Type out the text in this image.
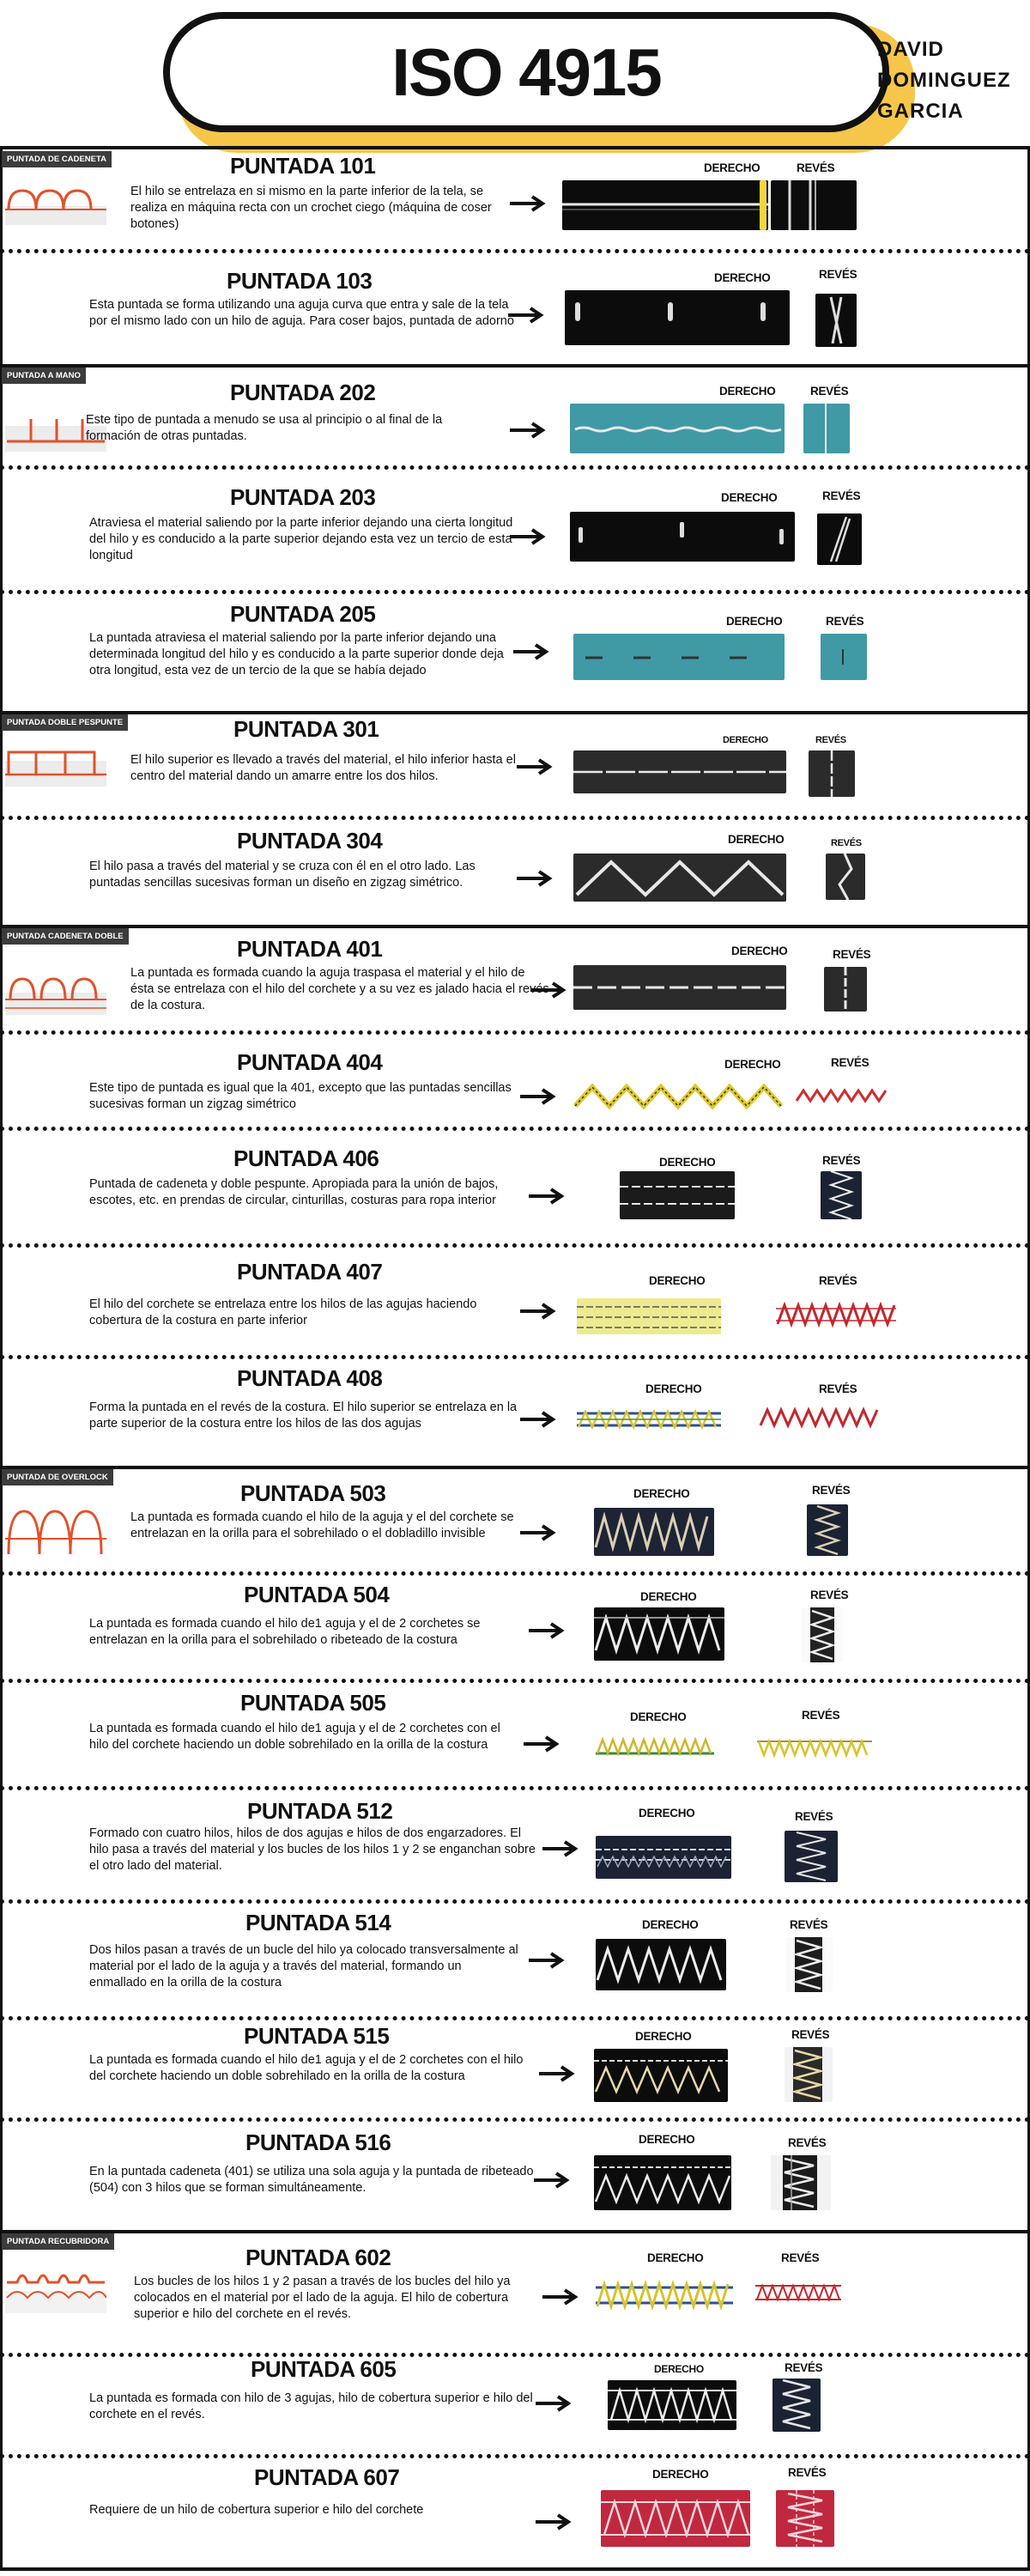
ISO 4915	DAVID
DOMINGUEZ
GARCIA
PUNTADA DE CADENETA
PUNTADA A MANO
PUNTADA DOBLE PESPUNTE
PUNTADA CADENETA DOBLE
PUNTADA DE OVERLOCK
PUNTADA RECUBRIDORA
PUNTADA 101
El hilo se entrelaza en si mismo en la parte inferior de la tela, se realiza en máquina recta con un crochet ciego (máquina de coser botones)
DERECHO	REVÉS
PUNTADA 103
Esta puntada se forma utilizando una aguja curva que entra y sale de la tela por el mismo lado con un hilo de aguja. Para coser bajos, puntada de adorno
DERECHO	REVÉS
PUNTADA 202
Este tipo de puntada a menudo se usa al principio o al final de la formación de otras puntadas.
DERECHO	REVÉS
PUNTADA 203
Atraviesa el material saliendo por la parte inferior dejando una cierta longitud del hilo y es conducido a la parte superior dejando esta vez un tercio de esta longitud
DERECHO	REVÉS
PUNTADA 205
La puntada atraviesa el material saliendo por la parte inferior dejando una determinada longitud del hilo y es conducido a la parte superior donde deja otra longitud, esta vez de un tercio de la que se había dejado
DERECHO	REVÉS
PUNTADA 301
El hilo superior es llevado a través del material, el hilo inferior hasta el centro del material dando un amarre entre los dos hilos.
DERECHO	REVÉS
PUNTADA 304
El hilo pasa a través del material y se cruza con él en el otro lado. Las puntadas sencillas sucesivas forman un diseño en zigzag simétrico.
DERECHO	REVÉS
PUNTADA 401
La puntada es formada cuando la aguja traspasa el material y el hilo de ésta se entrelaza con el hilo del corchete y a su vez es jalado hacia el revés de la costura.
DERECHO	REVÉS
PUNTADA 404
Este tipo de puntada es igual que la 401, excepto que las puntadas sencillas sucesivas forman un zigzag simétrico
DERECHO	REVÉS
PUNTADA 406
Puntada de cadeneta y doble pespunte. Apropiada para la unión de bajos, escotes, etc. en prendas de circular, cinturillas, costuras para ropa interior
DERECHO	REVÉS
PUNTADA 407
El hilo del corchete se entrelaza entre los hilos de las agujas haciendo cobertura de la costura en parte inferior
DERECHO	REVÉS
PUNTADA 408
Forma la puntada en el revés de la costura. El hilo superior se entrelaza en la parte superior de la costura entre los hilos de las dos agujas
DERECHO	REVÉS
PUNTADA 503
La puntada es formada cuando el hilo de la aguja y el del corchete se entrelazan en la orilla para el sobrehilado o el dobladillo invisible
DERECHO	REVÉS
PUNTADA 504
La puntada es formada cuando el hilo de1 aguja y el de 2 corchetes se entrelazan en la orilla para el sobrehilado o ribeteado de la costura
DERECHO	REVÉS
PUNTADA 505
La puntada es formada cuando el hilo de1 aguja y el de 2 corchetes con el hilo del corchete haciendo un doble sobrehilado en la orilla de la costura
DERECHO	REVÉS
PUNTADA 512
Formado con cuatro hilos, hilos de dos agujas e hilos de dos engarzadores. El hilo pasa a través del material y los bucles de los hilos 1 y 2 se enganchan sobre el otro lado del material.
DERECHO	REVÉS
PUNTADA 514
Dos hilos pasan a través de un bucle del hilo ya colocado transversalmente al material por el lado de la aguja y a través del material, formando un enmallado en la orilla de la costura
DERECHO	REVÉS
PUNTADA 515
La puntada es formada cuando el hilo de1 aguja y el de 2 corchetes con el hilo del corchete haciendo un doble sobrehilado en la orilla de la costura
DERECHO	REVÉS
PUNTADA 516
En la puntada cadeneta (401) se utiliza una sola aguja y la puntada de ribeteado (504) con 3 hilos que se forman simultáneamente.
DERECHO	REVÉS
PUNTADA 602
Los bucles de los hilos 1 y 2 pasan a través de los bucles del hilo ya colocados en el material por el lado de la aguja. El hilo de cobertura superior e hilo del corchete en el revés.
DERECHO	REVÉS
PUNTADA 605
La puntada es formada con hilo de 3 agujas, hilo de cobertura superior e hilo del corchete en el revés.
DERECHO	REVÉS
PUNTADA 607
Requiere de un hilo de cobertura superior e hilo del corchete
DERECHO	REVÉS
